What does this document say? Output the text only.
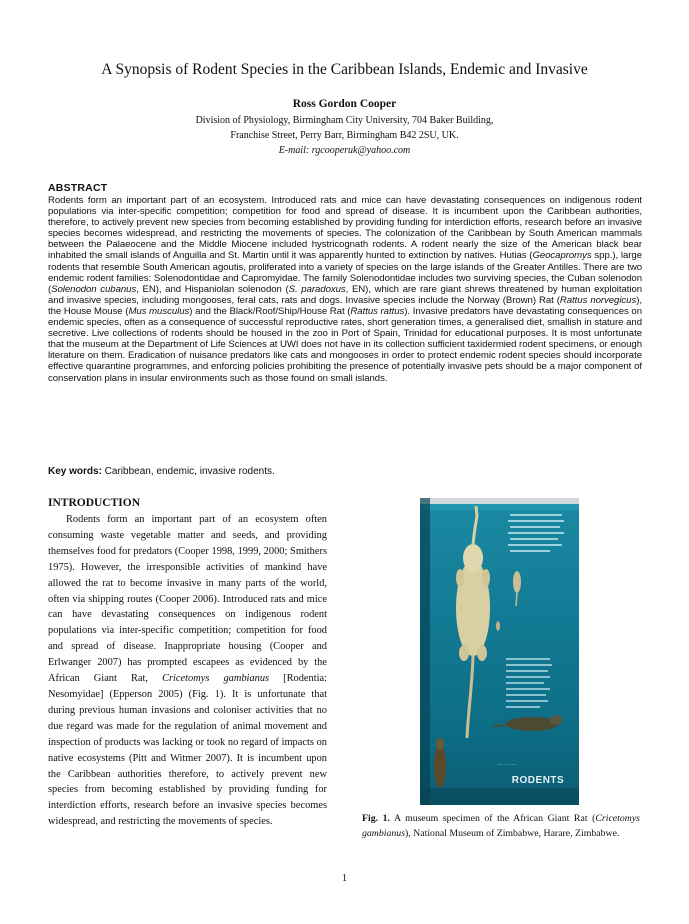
A Synopsis of Rodent Species in the Caribbean Islands, Endemic and Invasive
Ross Gordon Cooper
Division of Physiology, Birmingham City University, 704 Baker Building,
Franchise Street, Perry Barr, Birmingham B42 2SU, UK.
E-mail: rgcooperuk@yahoo.com
ABSTRACT
Rodents form an important part of an ecosystem. Introduced rats and mice can have devastating consequences on indigenous rodent populations via inter-specific competition; competition for food and spread of disease. It is incumbent upon the Caribbean authorities, therefore, to actively prevent new species from becoming established by providing funding for interdiction efforts, research before an invasive species becomes widespread, and restricting the movements of species. The colonization of the Caribbean by South American mammals between the Palaeocene and the Middle Miocene included hystricognath rodents. A rodent nearly the size of the American black bear inhabited the small islands of Anguilla and St. Martin until it was apparently hunted to extinction by natives. Hutias (Geocapromys spp.), large rodents that resemble South American agoutis, proliferated into a variety of species on the large islands of the Greater Antilles. There are two endemic rodent families: Solenodontidae and Capromyidae. The family Solenodontidae includes two surviving species, the Cuban solenodon (Solenodon cubanus, EN), and Hispaniolan solenodon (S. paradoxus, EN), which are rare giant shrews threatened by human exploitation and invasive species, including mongooses, feral cats, rats and dogs. Invasive species include the Norway (Brown) Rat (Rattus norvegicus), the House Mouse (Mus musculus) and the Black/Roof/Ship/House Rat (Rattus rattus). Invasive predators have devastating consequences on endemic species, often as a consequence of successful reproductive rates, short generation times, a generalised diet, smallish in stature and secretive. Live collections of rodents should be housed in the zoo in Port of Spain, Trinidad for educational purposes. It is most unfortunate that the museum at the Department of Life Sciences at UWI does not have in its collection sufficient taxidermied rodent specimens, or enough literature on them. Eradication of nuisance predators like cats and mongooses in order to protect endemic rodent species should incorporate effective quarantine programmes, and enforcing policies prohibiting the presence of potentially invasive pets should be a major component of conservation plans in insular environments such as those found on small islands.
Key words: Caribbean, endemic, invasive rodents.
INTRODUCTION

Rodents form an important part of an ecosystem often consuming waste vegetable matter and seeds, and providing themselves food for predators (Cooper 1998, 1999, 2000; Smithers 1975). However, the irresponsible activities of mankind have allowed the rat to become invasive in many parts of the world, often via shipping routes (Cooper 2006). Introduced rats and mice can have devastating consequences on indigenous rodent populations via inter-specific competition; competition for food and spread of disease. Inappropriate housing (Cooper and Erlwanger 2007) has prompted escapees as evidenced by the African Giant Rat, Cricetomys gambianus [Rodentia: Nesomyidae] (Epperson 2005) (Fig. 1). It is unfortunate that during previous human invasions and coloniser activities that no due regard was made for the regulation of animal movement and inspection of products was lacking or took no regard of impacts on native ecosystems (Pitt and Witmer 2007). It is incumbent upon the Caribbean authorities therefore, to actively prevent new species from becoming established by providing funding for interdiction efforts, research before an invasive species becomes widespread, and restricting the movements of species.

RODENTS
— — —
Fig. 1. A museum specimen of the African Giant Rat (Cricetomys gambianus), National Museum of Zimbabwe, Harare, Zimbabwe.
1
